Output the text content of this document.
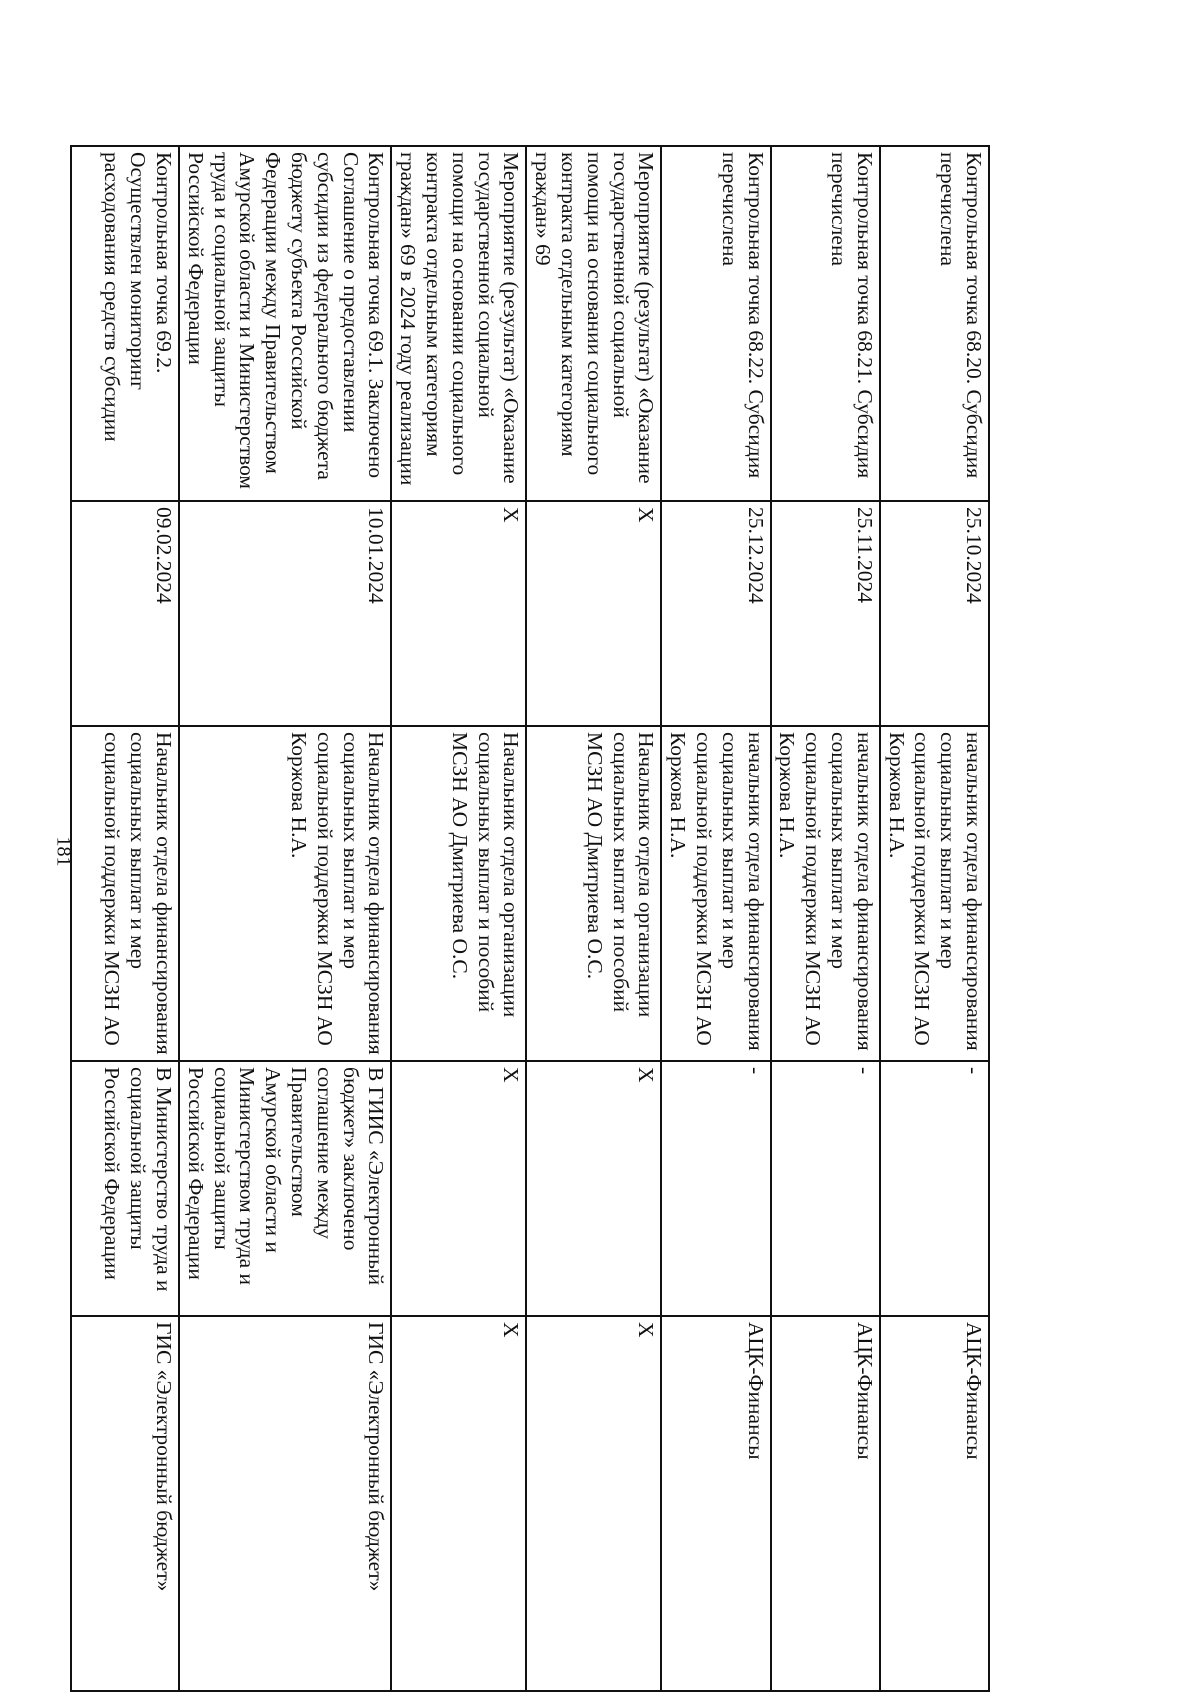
181
Контрольная точка 68.20. Субсидия перечислена	25.10.2024	начальник отдела финансирования социальных выплат и мер социальной поддержки МСЗН АО Коржова Н.А.	-	АЦК-Финансы
Контрольная точка 68.21. Субсидия перечислена	25.11.2024	начальник отдела финансирования социальных выплат и мер социальной поддержки МСЗН АО Коржова Н.А.	-	АЦК-Финансы
Контрольная точка 68.22. Субсидия перечислена	25.12.2024	начальник отдела финансирования социальных выплат и мер социальной поддержки МСЗН АО Коржова Н.А.	-	АЦК-Финансы
Мероприятие (результат) «Оказание государственной социальной помощи на основании социального контракта отдельным категориям граждан» 69	Х	Начальник отдела организации социальных выплат и пособий МСЗН АО Дмитриева О.С.	Х	Х
Мероприятие (результат) «Оказание государственной социальной помощи на основании социального контракта отдельным категориям граждан» 69 в 2024 году реализации	Х	Начальник отдела организации социальных выплат и пособий МСЗН АО Дмитриева О.С.	Х	Х
Контрольная точка 69.1. Заключено Соглашение о предоставлении субсидии из федерального бюджета бюджету субъекта Российской Федерации между Правительством Амурской области и Министерством труда и социальной защиты Российской Федерации	10.01.2024	Начальник отдела финансирования социальных выплат и мер социальной поддержки МСЗН АО Коржова Н.А.	В ГИИС «Электронный бюджет» заключено соглашение между Правительством Амурской области и Министерством труда и социальной защиты Российской Федерации	ГИС «Электронный бюджет»
Контрольная точка 69.2. Осуществлен мониторинг расходования средств субсидии	09.02.2024	Начальник отдела финансирования социальных выплат и мер социальной поддержки МСЗН АО	В Министерство труда и социальной защиты Российской Федерации	ГИС «Электронный бюджет»
